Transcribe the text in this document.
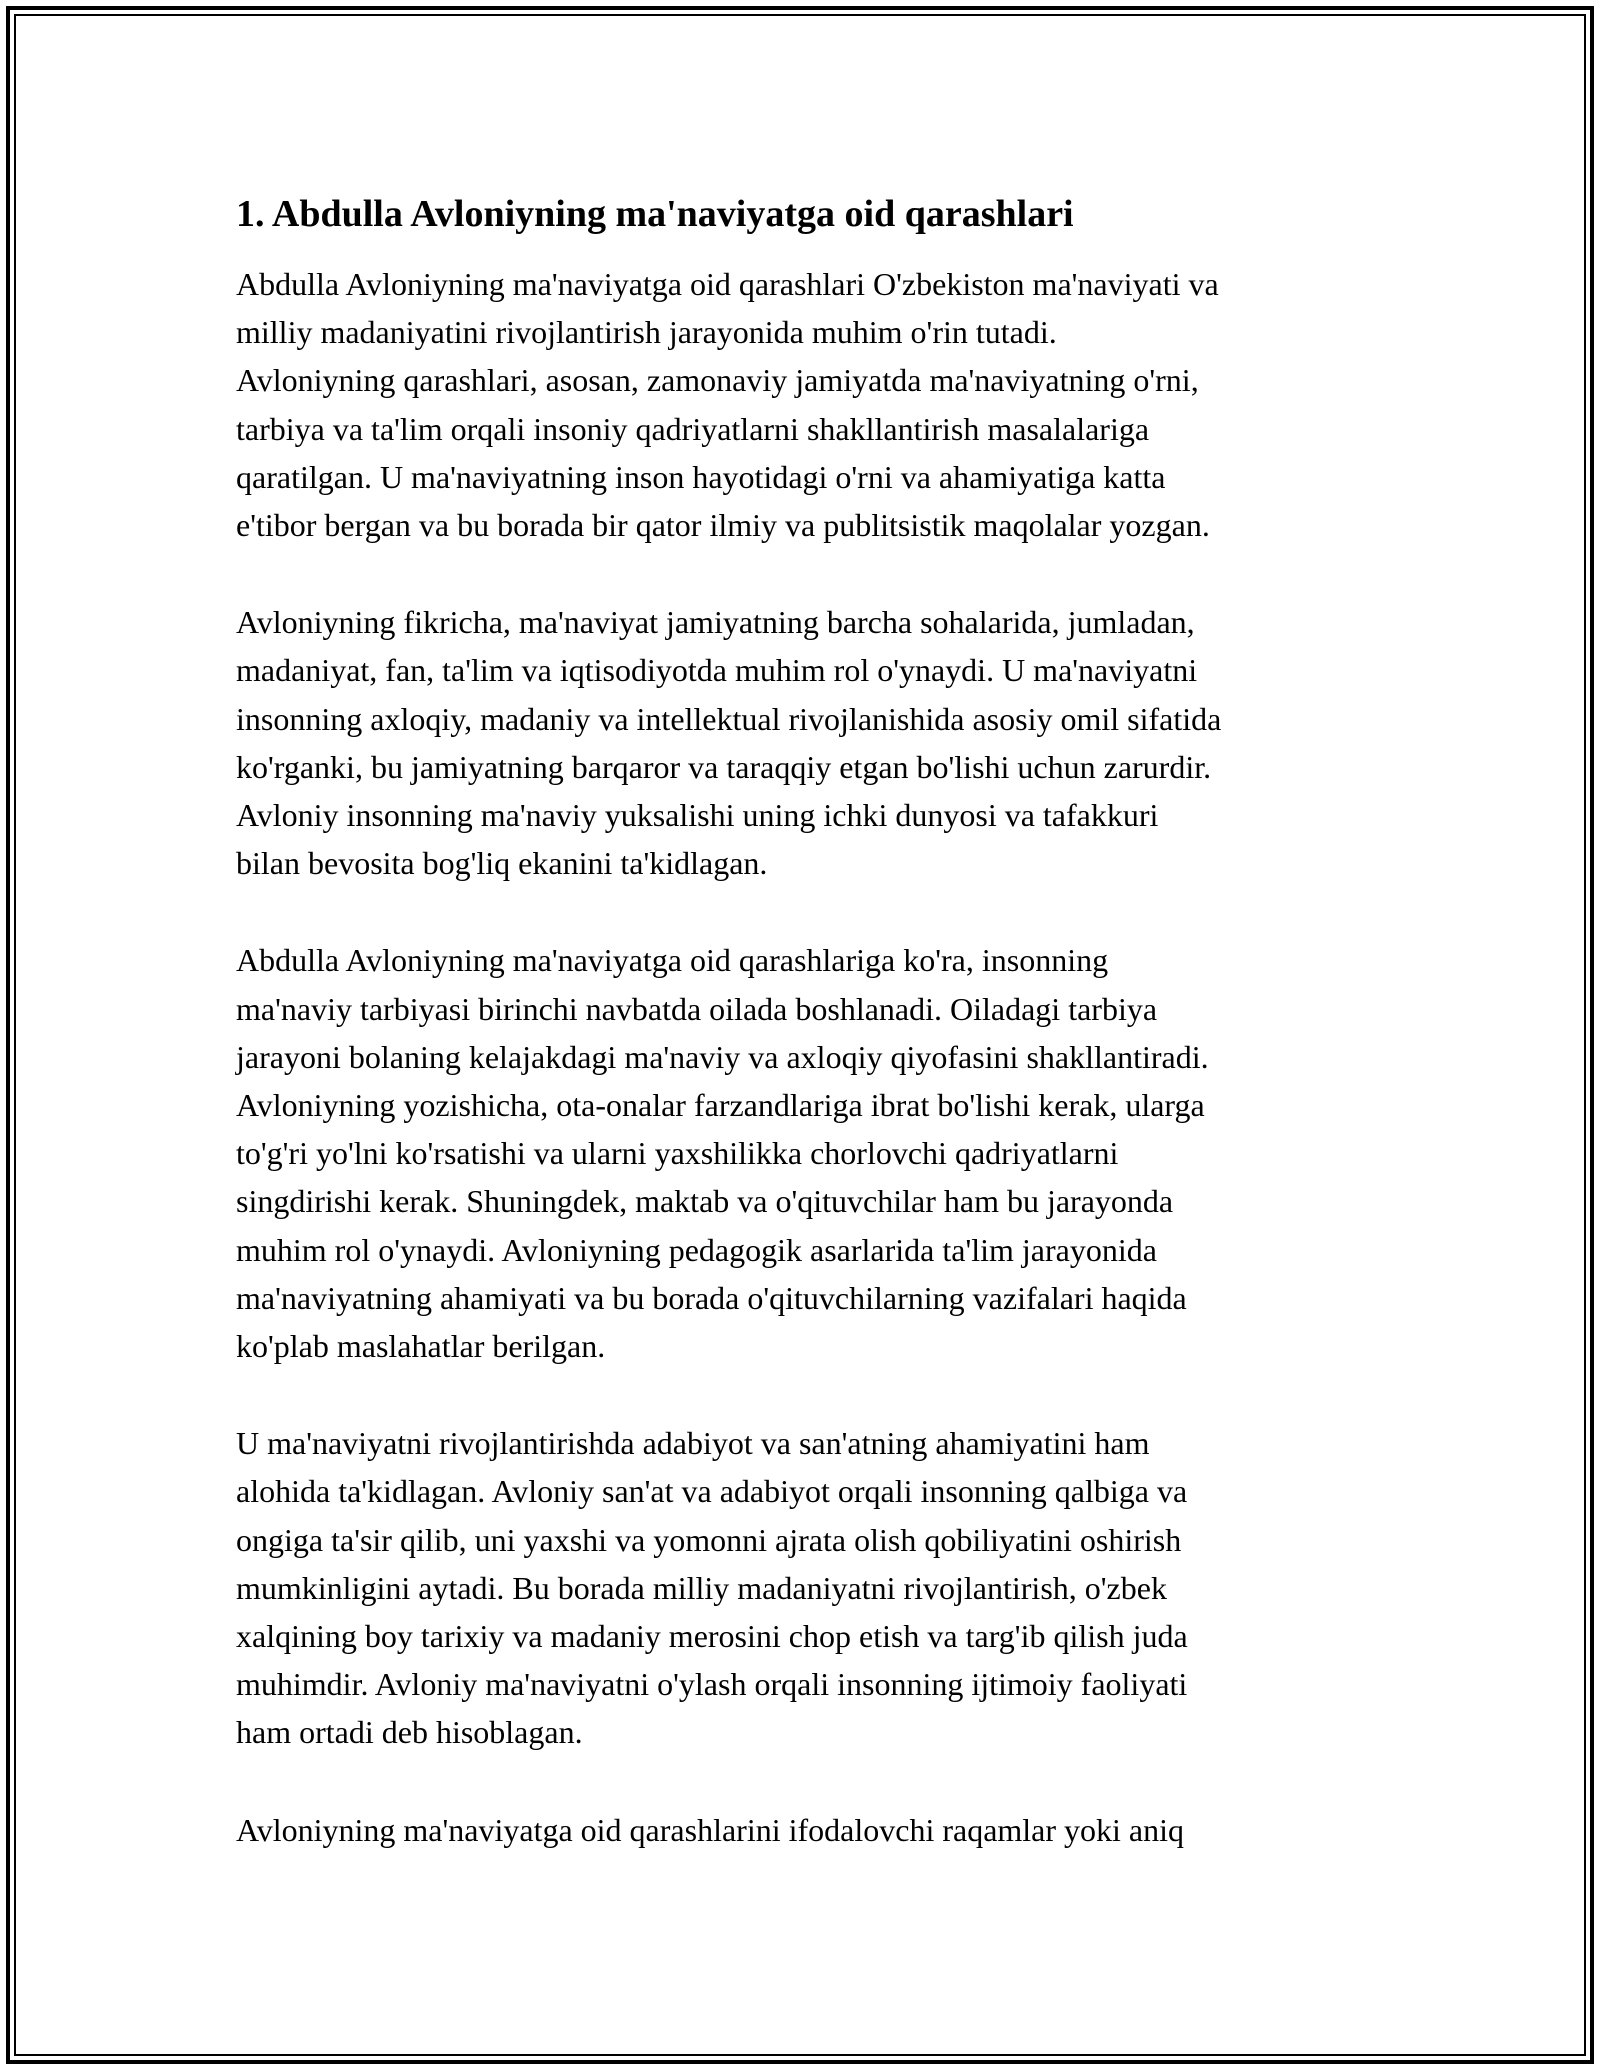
1. Abdulla Avloniyning ma'naviyatga oid qarashlari

Abdulla Avloniyning ma'naviyatga oid qarashlari O'zbekiston ma'naviyati va
milliy madaniyatini rivojlantirish jarayonida muhim o'rin tutadi.
Avloniyning qarashlari, asosan, zamonaviy jamiyatda ma'naviyatning o'rni,
tarbiya va ta'lim orqali insoniy qadriyatlarni shakllantirish masalalariga
qaratilgan. U ma'naviyatning inson hayotidagi o'rni va ahamiyatiga katta
e'tibor bergan va bu borada bir qator ilmiy va publitsistik maqolalar yozgan.

Avloniyning fikricha, ma'naviyat jamiyatning barcha sohalarida, jumladan,
madaniyat, fan, ta'lim va iqtisodiyotda muhim rol o'ynaydi. U ma'naviyatni
insonning axloqiy, madaniy va intellektual rivojlanishida asosiy omil sifatida
ko'rganki, bu jamiyatning barqaror va taraqqiy etgan bo'lishi uchun zarurdir.
Avloniy insonning ma'naviy yuksalishi uning ichki dunyosi va tafakkuri
bilan bevosita bog'liq ekanini ta'kidlagan.

Abdulla Avloniyning ma'naviyatga oid qarashlariga ko'ra, insonning
ma'naviy tarbiyasi birinchi navbatda oilada boshlanadi. Oiladagi tarbiya
jarayoni bolaning kelajakdagi ma'naviy va axloqiy qiyofasini shakllantiradi.
Avloniyning yozishicha, ota-onalar farzandlariga ibrat bo'lishi kerak, ularga
to'g'ri yo'lni ko'rsatishi va ularni yaxshilikka chorlovchi qadriyatlarni
singdirishi kerak. Shuningdek, maktab va o'qituvchilar ham bu jarayonda
muhim rol o'ynaydi. Avloniyning pedagogik asarlarida ta'lim jarayonida
ma'naviyatning ahamiyati va bu borada o'qituvchilarning vazifalari haqida
ko'plab maslahatlar berilgan.

U ma'naviyatni rivojlantirishda adabiyot va san'atning ahamiyatini ham
alohida ta'kidlagan. Avloniy san'at va adabiyot orqali insonning qalbiga va
ongiga ta'sir qilib, uni yaxshi va yomonni ajrata olish qobiliyatini oshirish
mumkinligini aytadi. Bu borada milliy madaniyatni rivojlantirish, o'zbek
xalqining boy tarixiy va madaniy merosini chop etish va targ'ib qilish juda
muhimdir. Avloniy ma'naviyatni o'ylash orqali insonning ijtimoiy faoliyati
ham ortadi deb hisoblagan.

Avloniyning ma'naviyatga oid qarashlarini ifodalovchi raqamlar yoki aniq
